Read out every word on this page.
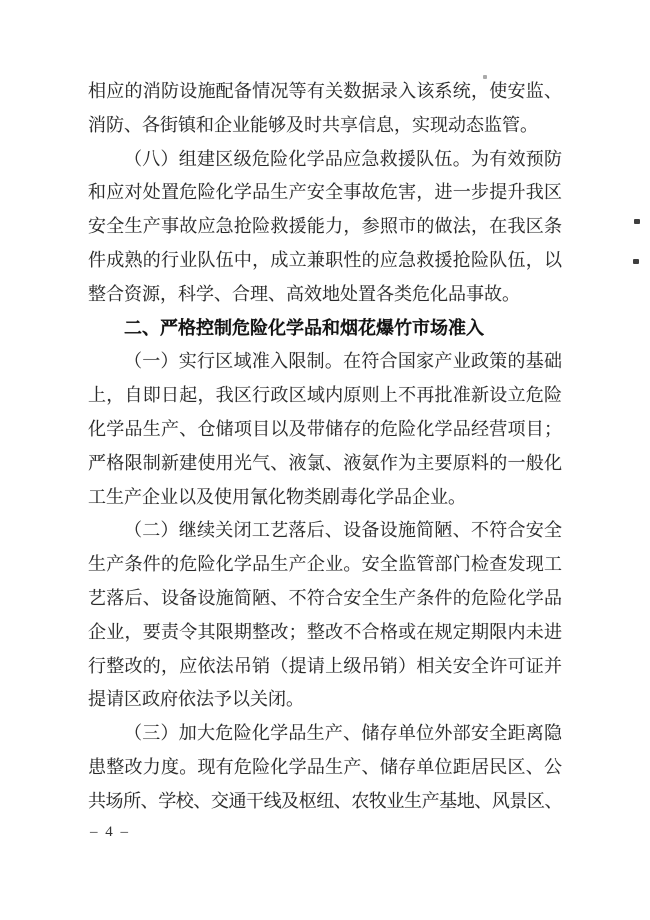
相应的消防设施配备情况等有关数据录入该系统，使安监、
消防、各街镇和企业能够及时共享信息，实现动态监管。
（八）组建区级危险化学品应急救援队伍。为有效预防
和应对处置危险化学品生产安全事故危害，进一步提升我区
安全生产事故应急抢险救援能力，参照市的做法，在我区条
件成熟的行业队伍中，成立兼职性的应急救援抢险队伍，以
整合资源，科学、合理、高效地处置各类危化品事故。
二、严格控制危险化学品和烟花爆竹市场准入
（一）实行区域准入限制。在符合国家产业政策的基础
上，自即日起，我区行政区域内原则上不再批准新设立危险
化学品生产、仓储项目以及带储存的危险化学品经营项目；
严格限制新建使用光气、液氯、液氨作为主要原料的一般化
工生产企业以及使用氰化物类剧毒化学品企业。
（二）继续关闭工艺落后、设备设施简陋、不符合安全
生产条件的危险化学品生产企业。安全监管部门检查发现工
艺落后、设备设施简陋、不符合安全生产条件的危险化学品
企业，要责令其限期整改；整改不合格或在规定期限内未进
行整改的，应依法吊销（提请上级吊销）相关安全许可证并
提请区政府依法予以关闭。
（三）加大危险化学品生产、储存单位外部安全距离隐
患整改力度。现有危险化学品生产、储存单位距居民区、公
共场所、学校、交通干线及枢纽、农牧业生产基地、风景区、
– 4 –
